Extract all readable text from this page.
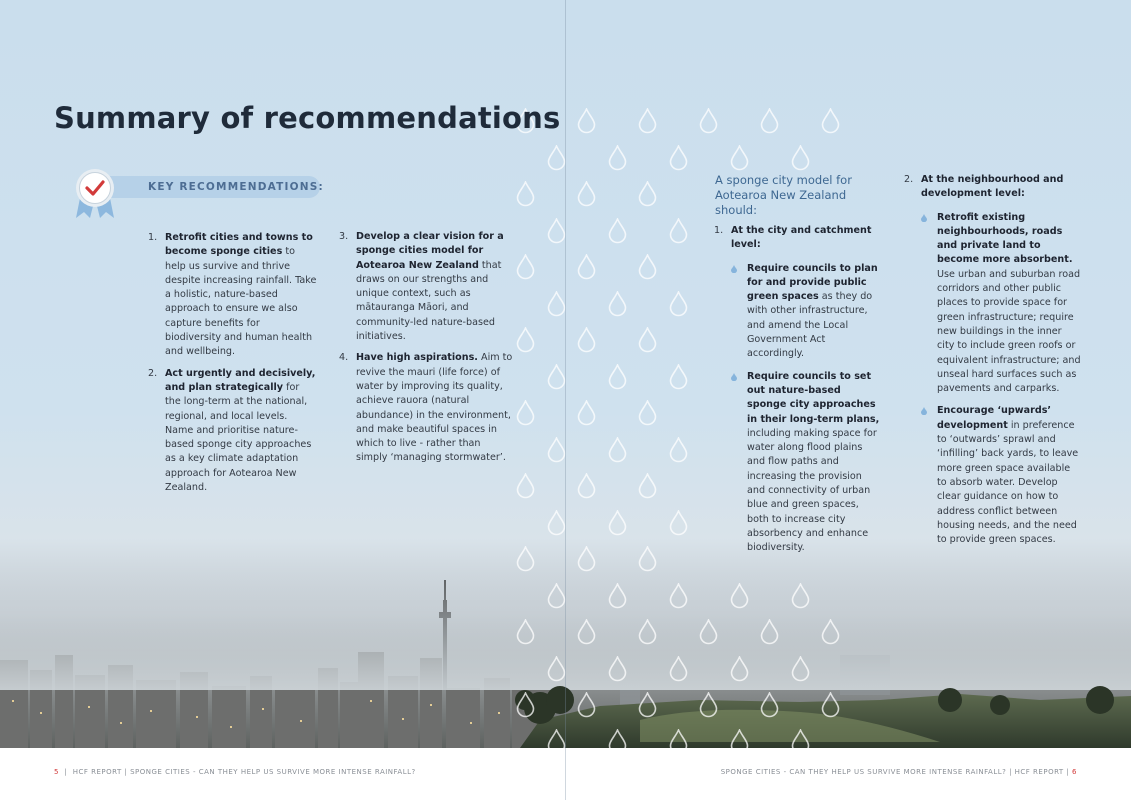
Summary of recommendations
KEY RECOMMENDATIONS:
1. Retrofit cities and towns to become sponge cities to help us survive and thrive despite increasing rainfall. Take a holistic, nature-based approach to ensure we also capture benefits for biodiversity and human health and wellbeing.
2. Act urgently and decisively, and plan strategically for the long-term at the national, regional, and local levels. Name and prioritise nature-based sponge city approaches as a key climate adaptation approach for Aotearoa New Zealand.
3. Develop a clear vision for a sponge cities model for Aotearoa New Zealand that draws on our strengths and unique context, such as mātauranga Māori, and community-led nature-based initiatives.
4. Have high aspirations. Aim to revive the mauri (life force) of water by improving its quality, achieve rauora (natural abundance) in the environment, and make beautiful spaces in which to live - rather than simply ‘managing stormwater’.
A sponge city model for Aotearoa New Zealand should:
1. At the city and catchment level:
Require councils to plan for and provide public green spaces as they do with other infrastructure, and amend the Local Government Act accordingly.
Require councils to set out nature-based sponge city approaches in their long-term plans, including making space for water along flood plains and flow paths and increasing the provision and connectivity of urban blue and green spaces, both to increase city absorbency and enhance biodiversity.
2. At the neighbourhood and development level:
Retrofit existing neighbourhoods, roads and private land to become more absorbent. Use urban and suburban road corridors and other public places to provide space for green infrastructure; require new buildings in the inner city to include green roofs or equivalent infrastructure; and unseal hard surfaces such as pavements and carparks.
Encourage ‘upwards’ development in preference to ‘outwards’ sprawl and ‘infilling’ back yards, to leave more green space available to absorb water. Develop clear guidance on how to address conflict between housing needs, and the need to provide green spaces.
5  |  HCF REPORT | SPONGE CITIES - CAN THEY HELP US SURVIVE MORE INTENSE RAINFALL?	SPONGE CITIES - CAN THEY HELP US SURVIVE MORE INTENSE RAINFALL? | HCF REPORT | 6
